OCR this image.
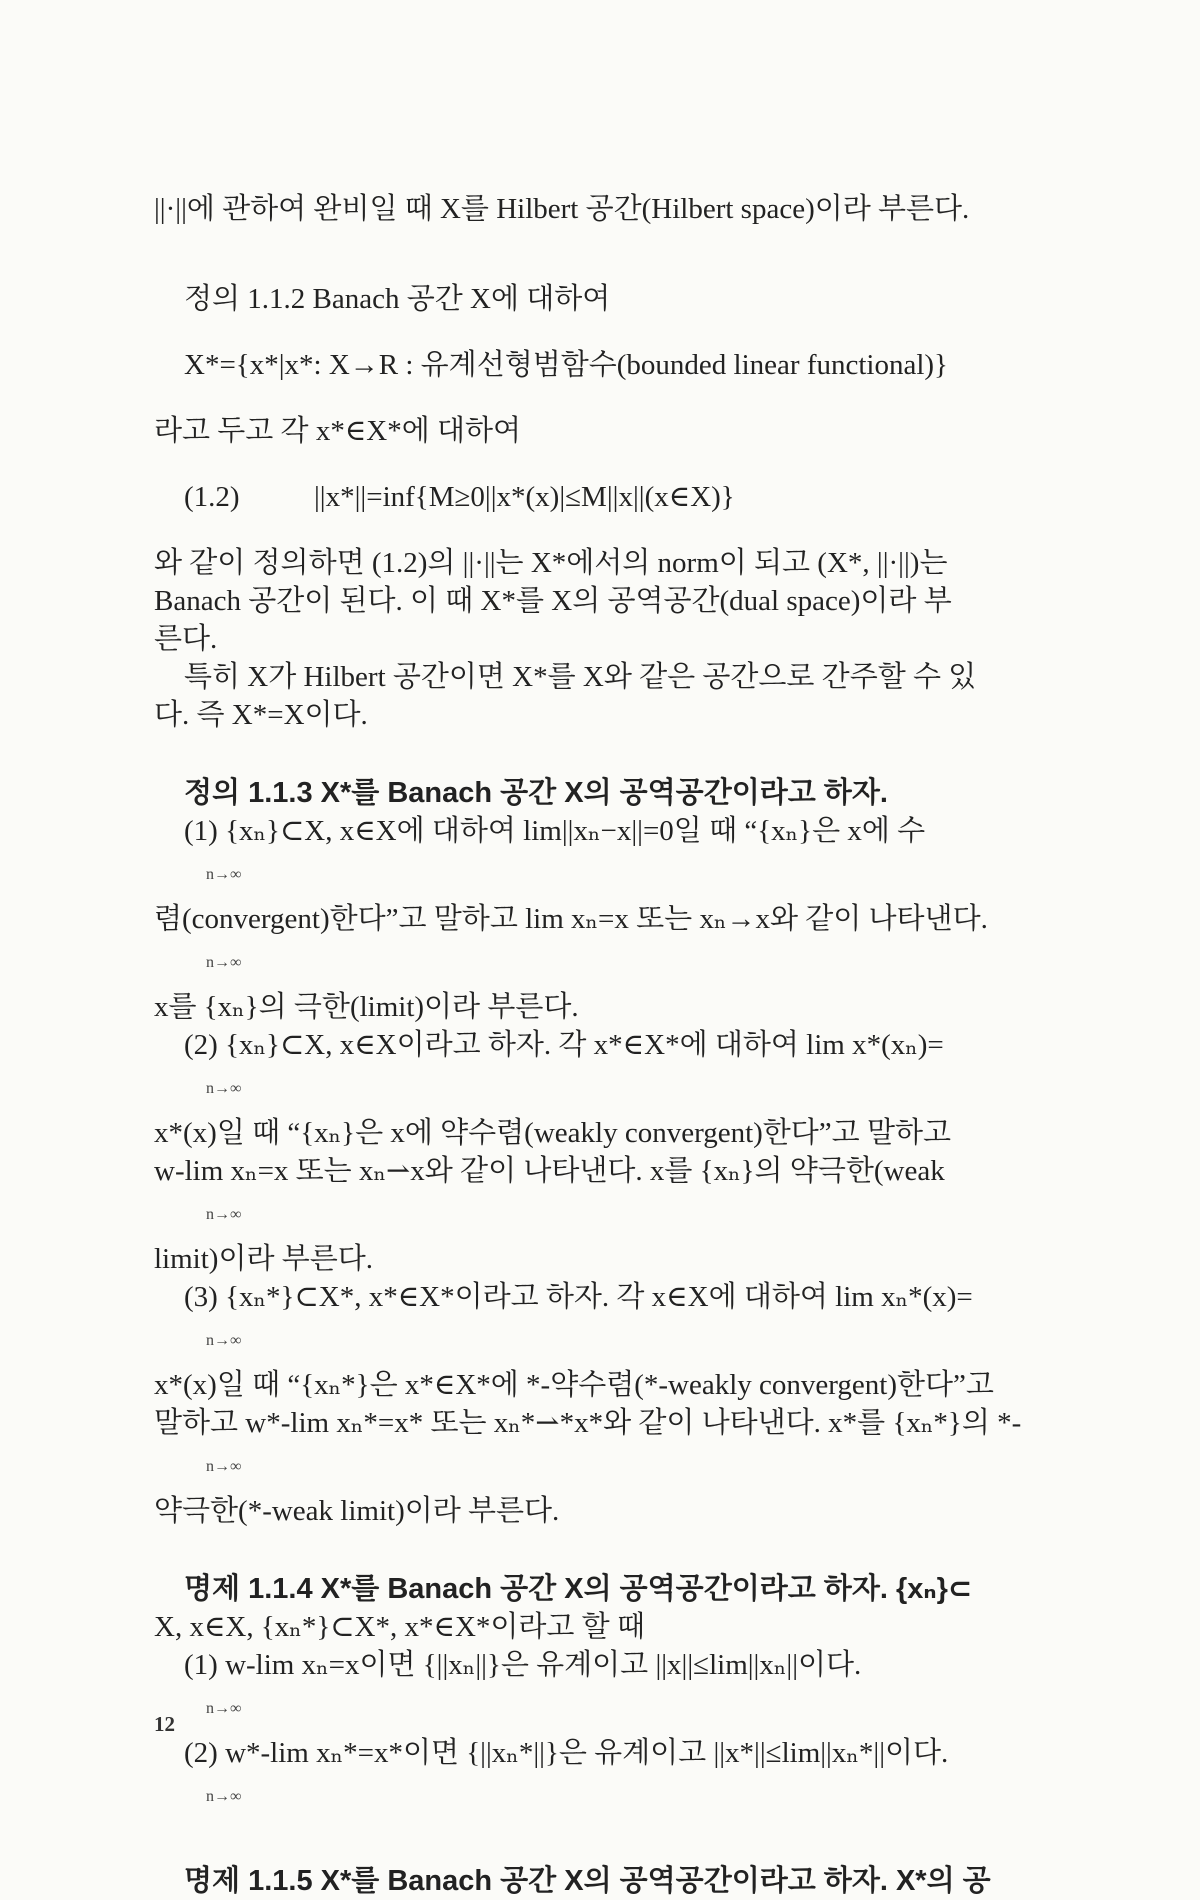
||·||에 관하여 완비일 때 X를 Hilbert 공간(Hilbert space)이라 부른다.

정의 1.1.2 Banach 공간 X에 대하여

X*={x*|x*: X→R : 유계선형범함수(bounded linear functional)}

라고 두고 각 x*∈X*에 대하여

(1.2)	||x*||=inf{M≥0||x*(x)|≤M||x||(x∈X)}

와 같이 정의하면 (1.2)의 ||·||는 X*에서의 norm이 되고 (X*, ||·||)는

Banach 공간이 된다. 이 때 X*를 X의 공역공간(dual space)이라 부

른다.

특히 X가 Hilbert 공간이면 X*를 X와 같은 공간으로 간주할 수 있

다. 즉 X*=X이다.

정의 1.1.3 X*를 Banach 공간 X의 공역공간이라고 하자.

(1) {xₙ}⊂X, x∈X에 대하여 lim||xₙ−x||=0일 때 “{xₙ}은 x에 수

n→∞

렴(convergent)한다”고 말하고 lim xₙ=x 또는 xₙ→x와 같이 나타낸다.

n→∞

x를 {xₙ}의 극한(limit)이라 부른다.

(2) {xₙ}⊂X, x∈X이라고 하자. 각 x*∈X*에 대하여 lim x*(xₙ)=

n→∞

x*(x)일 때 “{xₙ}은 x에 약수렴(weakly convergent)한다”고 말하고

w-lim xₙ=x 또는 xₙ⇀x와 같이 나타낸다. x를 {xₙ}의 약극한(weak

n→∞

limit)이라 부른다.

(3) {xₙ*}⊂X*, x*∈X*이라고 하자. 각 x∈X에 대하여 lim xₙ*(x)=

n→∞

x*(x)일 때 “{xₙ*}은 x*∈X*에 *-약수렴(*-weakly convergent)한다”고

말하고 w*-lim xₙ*=x* 또는 xₙ*⇀*x*와 같이 나타낸다. x*를 {xₙ*}의 *-

n→∞

약극한(*-weak limit)이라 부른다.

명제 1.1.4 X*를 Banach 공간 X의 공역공간이라고 하자. {xₙ}⊂

X, x∈X, {xₙ*}⊂X*, x*∈X*이라고 할 때

(1) w-lim xₙ=x이면 {||xₙ||}은 유계이고 ||x||≤lim||xₙ||이다.

n→∞

(2) w*-lim xₙ*=x*이면 {||xₙ*||}은 유계이고 ||x*||≤lim||xₙ*||이다.

n→∞

명제 1.1.5 X*를 Banach 공간 X의 공역공간이라고 하자. X*의 공

12
